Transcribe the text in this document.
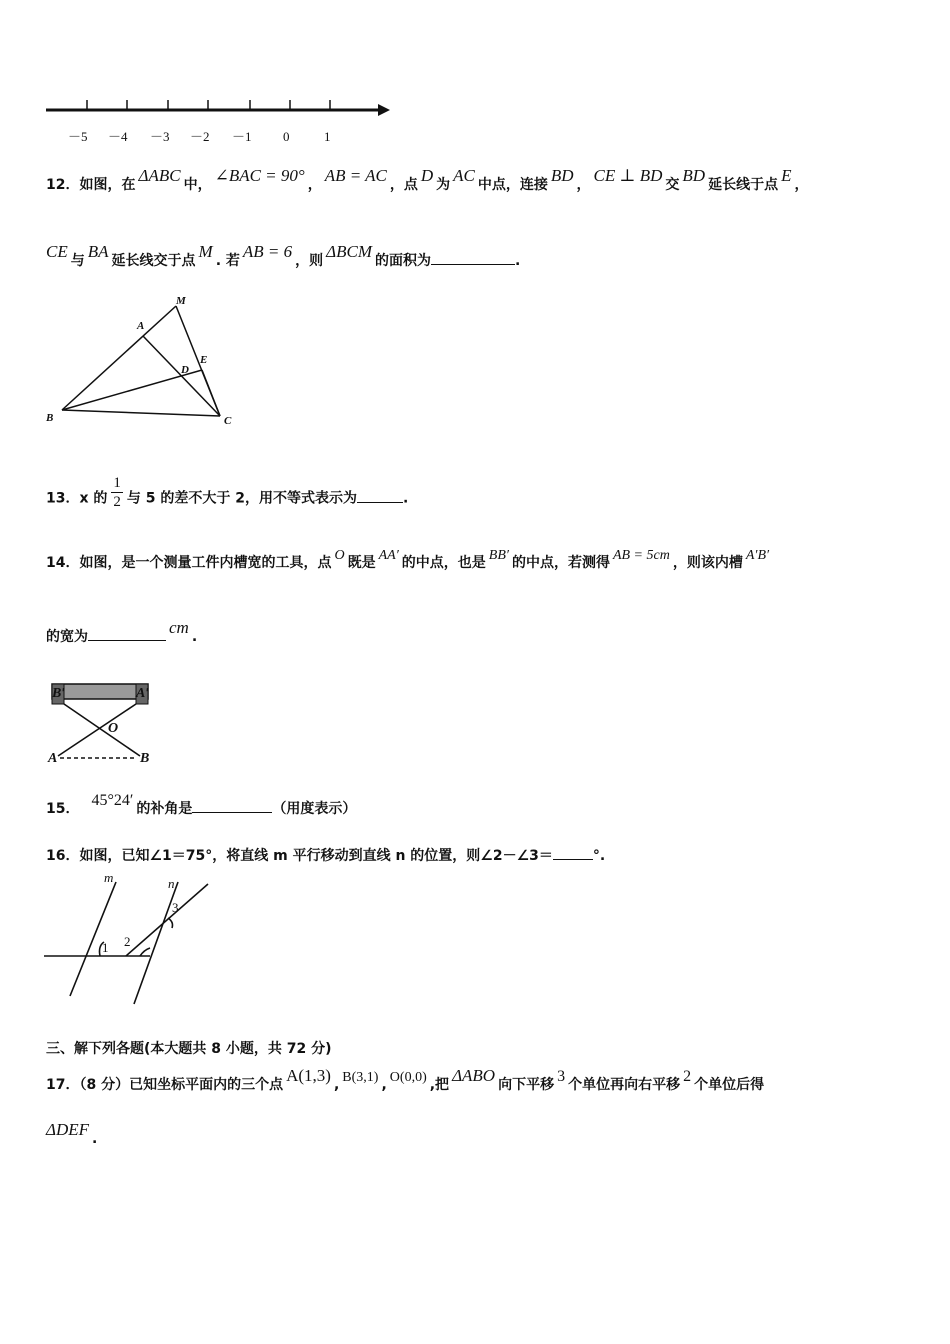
－5 －4 －3 －2 －1 0	1
12．如图，在 ΔABC 中， ∠BAC = 90° ， AB = AC ，点 D 为 AC 中点，连接 BD ， CE ⊥ BD 交 BD 延长线于点 E ，
CE 与 BA 延长线交于点 M . 若 AB = 6 ，则 ΔBCM 的面积为	.
M
A
E
D
B	C
13．x 的 $\frac{1}{2}$ 与 5 的差不大于 2，用不等式表示为	.
14．如图，是一个测量工件内槽宽的工具，点 O 既是 AA′ 的中点，也是 BB′ 的中点，若测得 AB = 5cm ，则该内槽 A′B′
的宽为	cm .
B′	A′
O
A	B
15． 45°24′ 的补角是	（用度表示）
16．如图，已知∠1＝75°，将直线 m 平行移动到直线 n 的位置，则∠2－∠3＝	°.
m	n
1 2
3
三、解下列各题(本大题共 8 小题，共 72 分)
17．（8 分）已知坐标平面内的三个点 A(1,3) , B(3,1) , O(0,0) ,把 ΔABO 向下平移 3 个单位再向右平移 2 个单位后得
ΔDEF .
